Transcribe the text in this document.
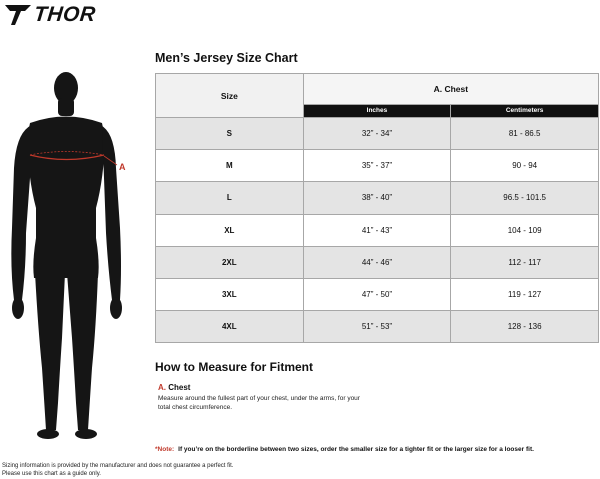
THOR
A
Men’s Jersey Size Chart
Size	A. Chest	
	Inches	Centimeters
S	32” - 34”	81 - 86.5
M	35” - 37”	90 - 94
L	38” - 40”	96.5 - 101.5
XL	41” - 43”	104 - 109
2XL	44” - 46”	112 - 117
3XL	47” - 50”	119 - 127
4XL	51” - 53”	128 - 136
How to Measure for Fitment
A. Chest
Measure around the fullest part of your chest, under the arms, for your
total chest circumference.
*Note: If you’re on the borderline between two sizes, order the smaller size for a tighter fit or the larger size for a looser fit.
Sizing information is provided by the manufacturer and does not guarantee a perfect fit.
Please use this chart as a guide only.
